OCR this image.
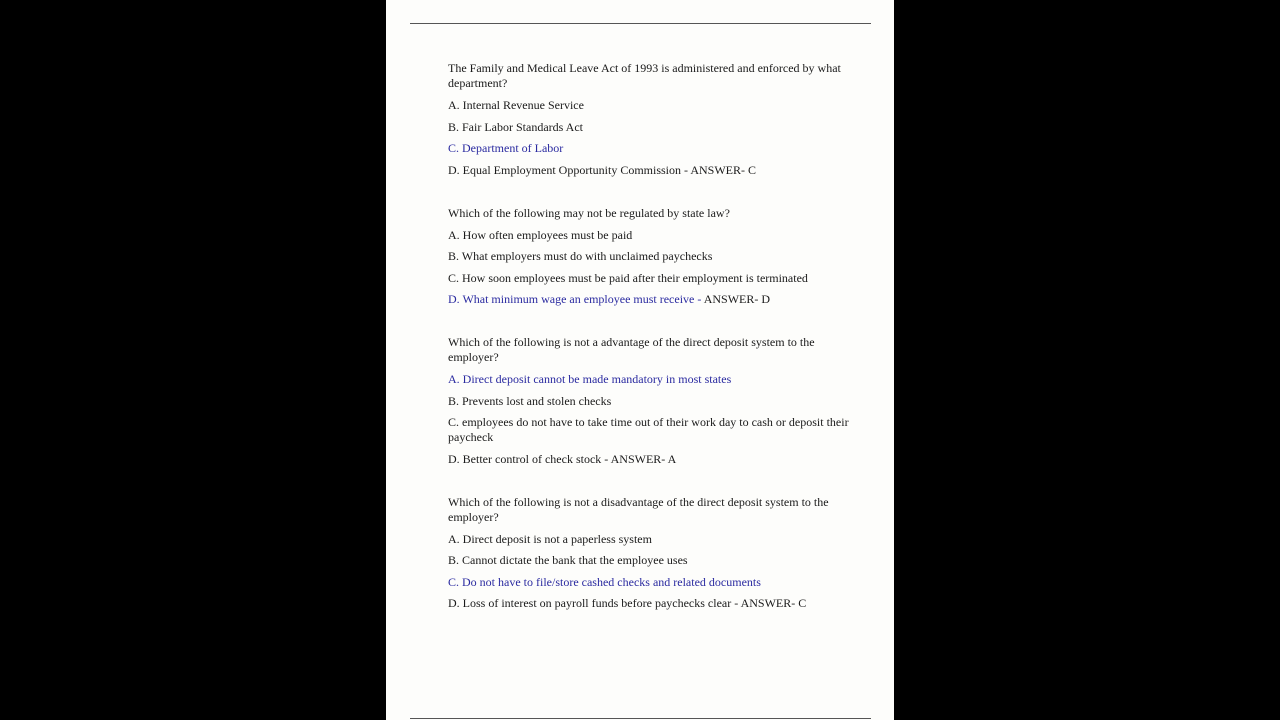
The Family and Medical Leave Act of 1993 is administered and enforced by what department?
A. Internal Revenue Service
B. Fair Labor Standards Act
C. Department of Labor
D. Equal Employment Opportunity Commission - ANSWER- C
Which of the following may not be regulated by state law?
A. How often employees must be paid
B. What employers must do with unclaimed paychecks
C. How soon employees must be paid after their employment is terminated
D. What minimum wage an employee must receive - ANSWER- D
Which of the following is not a advantage of the direct deposit system to the employer?
A. Direct deposit cannot be made mandatory in most states
B. Prevents lost and stolen checks
C. employees do not have to take time out of their work day to cash or deposit their paycheck
D. Better control of check stock - ANSWER- A
Which of the following is not a disadvantage of the direct deposit system to the employer?
A. Direct deposit is not a paperless system
B. Cannot dictate the bank that the employee uses
C. Do not have to file/store cashed checks and related documents
D. Loss of interest on payroll funds before paychecks clear - ANSWER- C
